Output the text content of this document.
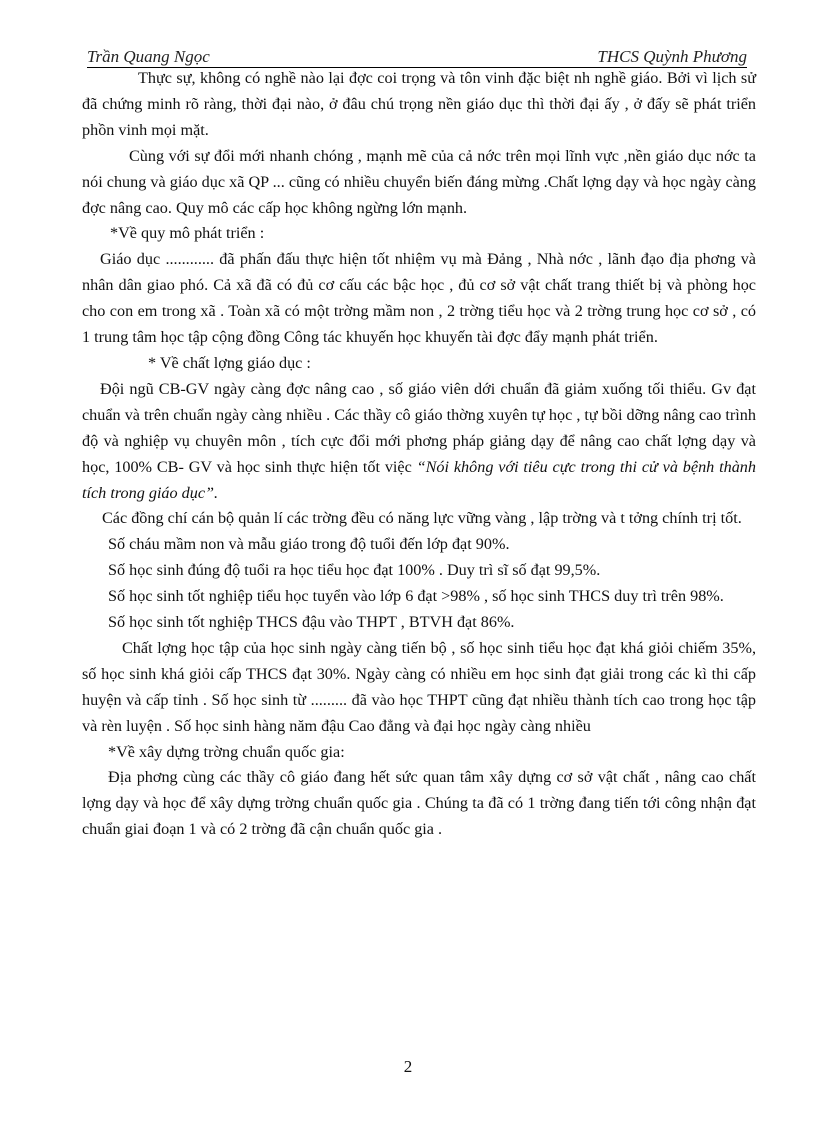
Trần Quang Ngọc	THCS Quỳnh Phương

Thực sự, không có nghề nào lại đợc coi trọng và tôn vinh đặc biệt nh nghề giáo. Bởi vì lịch sử đã chứng minh rõ ràng, thời đại nào, ở đâu chú trọng nền giáo dục thì thời đại ấy , ở đấy sẽ phát triển phồn vinh mọi mặt.

Cùng với sự đổi mới nhanh chóng , mạnh mẽ của cả nớc trên mọi lĩnh vực ,nền giáo dục nớc ta nói chung và giáo dục xã QP ... cũng có nhiều chuyển biến đáng mừng .Chất lợng dạy và học ngày càng đợc nâng cao. Quy mô các cấp học không ngừng lớn mạnh.

*Về quy mô phát triển :

Giáo dục ............ đã phấn đấu thực hiện tốt nhiệm vụ mà Đảng , Nhà nớc , lãnh đạo địa phơng và nhân dân giao phó. Cả xã đã có đủ cơ cấu các bậc học , đủ cơ sở vật chất trang thiết bị và phòng học cho con em trong xã . Toàn xã có một trờng mầm non , 2 trờng tiểu học và 2 trờng trung học cơ sở , có 1 trung tâm học tập cộng đồng Công tác khuyến học khuyến tài đợc đẩy mạnh phát triển.

* Về chất lợng giáo dục :

Đội ngũ CB-GV ngày càng đợc nâng cao , số giáo viên dới chuẩn đã giảm xuống tối thiểu. Gv đạt chuẩn và trên chuẩn ngày càng nhiều . Các thầy cô giáo thờng xuyên tự học , tự bồi dỡng nâng cao trình độ và nghiệp vụ chuyên môn , tích cực đổi mới phơng pháp giảng dạy để nâng cao chất lợng dạy và học, 100% CB- GV và học sinh thực hiện tốt việc “Nói không với tiêu cực trong thi cử và bệnh thành tích trong giáo dục”.

Các đồng chí cán bộ quản lí các trờng đều có năng lực vững vàng , lập trờng và t tởng chính trị tốt.

Số cháu mầm non và mẫu giáo trong độ tuổi đến lớp đạt 90%.

Số học sinh đúng độ tuổi ra học tiểu học đạt 100% . Duy trì sĩ số đạt 99,5%.

Số học sinh tốt nghiệp tiểu học tuyển vào lớp 6 đạt >98% , số học sinh THCS duy trì trên 98%.

Số học sinh tốt nghiệp THCS đậu vào THPT , BTVH đạt 86%.

Chất lợng học tập của học sinh ngày càng tiến bộ , số học sinh tiểu học đạt khá giỏi chiếm 35%, số học sinh khá giỏi cấp THCS đạt 30%. Ngày càng có nhiều em học sinh đạt giải trong các kì thi cấp huyện và cấp tỉnh . Số học sinh từ ......... đã vào học THPT cũng đạt nhiều thành tích cao trong học tập và rèn luyện . Số học sinh hàng năm đậu Cao đẳng và đại học ngày càng nhiều

*Về xây dựng trờng chuẩn quốc gia:

Địa phơng cùng các thầy cô giáo đang hết sức quan tâm xây dựng cơ sở vật chất , nâng cao chất lợng dạy và học để xây dựng trờng chuẩn quốc gia . Chúng ta đã có 1 trờng đang tiến tới công nhận đạt chuẩn giai đoạn 1 và có 2 trờng đã cận chuẩn quốc gia .

2
